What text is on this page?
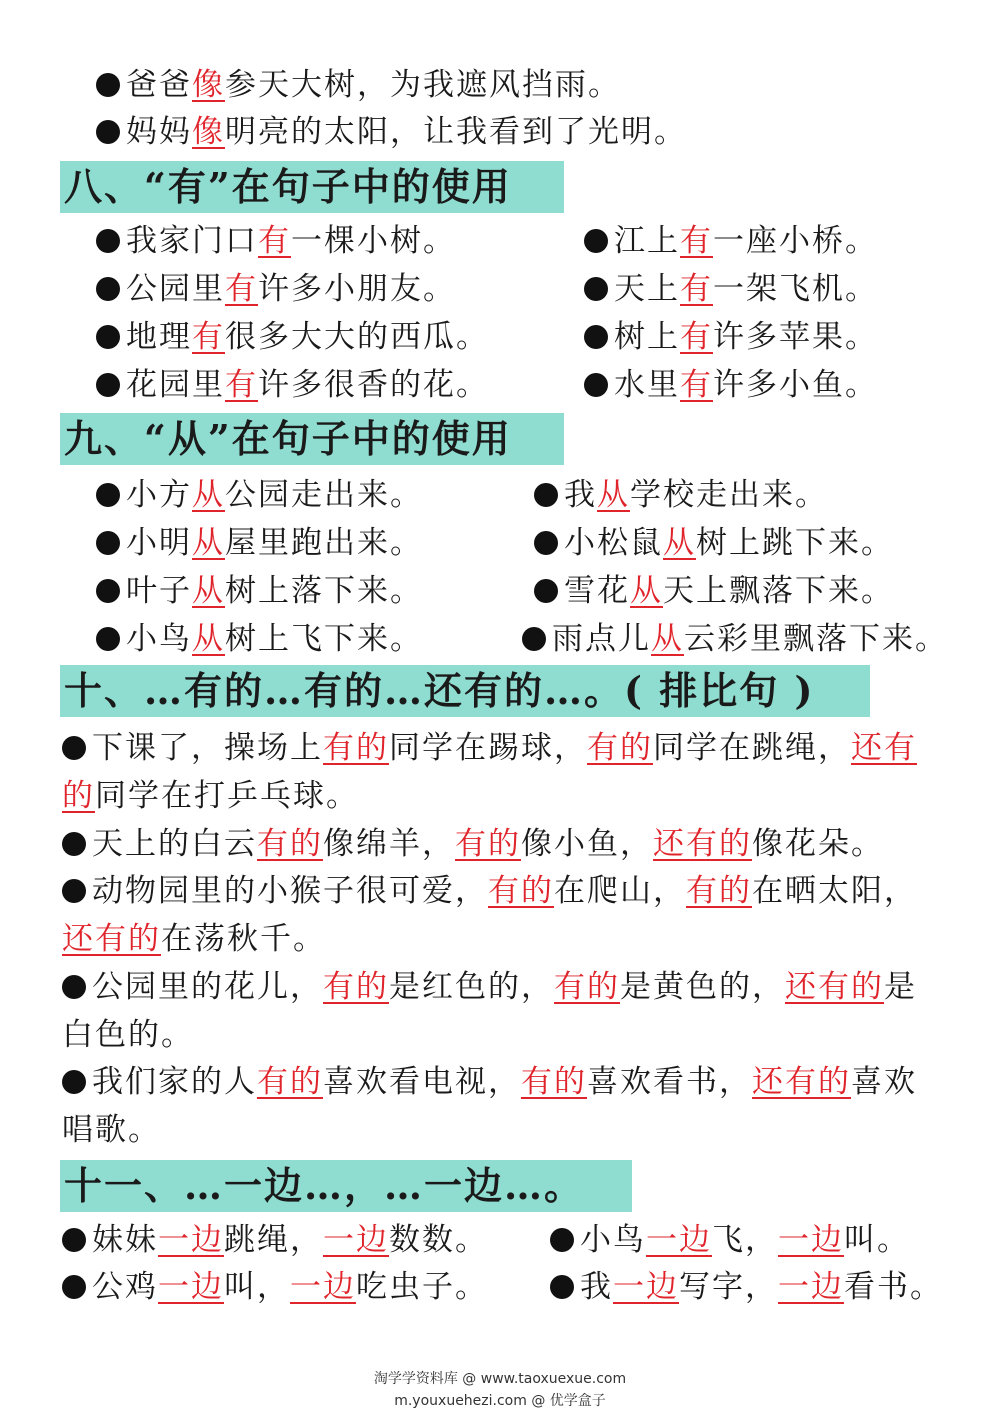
爸爸像参天大树，为我遮风挡雨。
妈妈像明亮的太阳，让我看到了光明。
八、“有”在句子中的使用
我家门口有一棵小树。
公园里有许多小朋友。
地理有很多大大的西瓜。
花园里有许多很香的花。
江上有一座小桥。
天上有一架飞机。
树上有许多苹果。
水里有许多小鱼。
九、“从”在句子中的使用
小方从公园走出来。
小明从屋里跑出来。
叶子从树上落下来。
小鸟从树上飞下来。
我从学校走出来。
小松鼠从树上跳下来。
雪花从天上飘落下来。
雨点儿从云彩里飘落下来。
十、…有的…有的…还有的…。( 排比句 )
下课了，操场上有的同学在踢球，有的同学在跳绳，还有
的同学在打乒乓球。
天上的白云有的像绵羊，有的像小鱼，还有的像花朵。
动物园里的小猴子很可爱，有的在爬山，有的在晒太阳，
还有的在荡秋千。
公园里的花儿，有的是红色的，有的是黄色的，还有的是
白色的。
我们家的人有的喜欢看电视，有的喜欢看书，还有的喜欢
唱歌。
十一、…一边…，…一边…。
妹妹一边跳绳，一边数数。
公鸡一边叫，一边吃虫子。
小鸟一边飞，一边叫。
我一边写字，一边看书。
淘学学资料库 @ www.taoxuexue.com
m.youxuehezi.com @ 优学盒子
